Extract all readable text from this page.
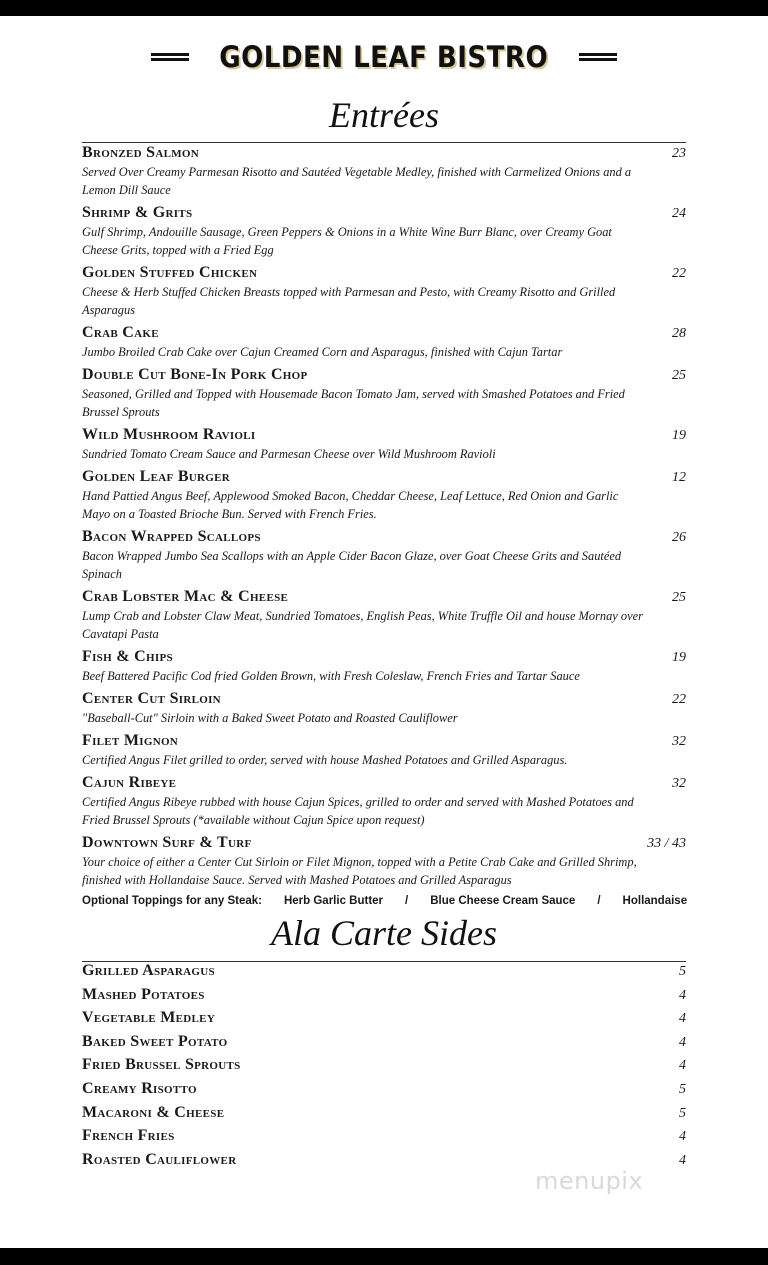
GOLDEN LEAF BISTRO
Entrées
Bronzed Salmon	23
Served Over Creamy Parmesan Risotto and Sautéed Vegetable Medley, finished with Carmelized Onions and a Lemon Dill Sauce
Shrimp & Grits	24
Gulf Shrimp, Andouille Sausage, Green Peppers & Onions in a White Wine Burr Blanc, over Creamy Goat Cheese Grits, topped with a Fried Egg
Golden Stuffed Chicken	22
Cheese & Herb Stuffed Chicken Breasts topped with Parmesan and Pesto, with Creamy Risotto and Grilled Asparagus
Crab Cake	28
Jumbo Broiled Crab Cake over Cajun Creamed Corn and Asparagus, finished with Cajun Tartar
Double Cut Bone-In Pork Chop	25
Seasoned, Grilled and Topped with Housemade Bacon Tomato Jam, served with Smashed Potatoes and Fried Brussel Sprouts
Wild Mushroom Ravioli	19
Sundried Tomato Cream Sauce and Parmesan Cheese over Wild Mushroom Ravioli
Golden Leaf Burger	12
Hand Pattied Angus Beef, Applewood Smoked Bacon, Cheddar Cheese, Leaf Lettuce, Red Onion and Garlic Mayo on a Toasted Brioche Bun. Served with French Fries.
Bacon Wrapped Scallops	26
Bacon Wrapped Jumbo Sea Scallops with an Apple Cider Bacon Glaze, over Goat Cheese Grits and Sautéed Spinach
Crab Lobster Mac & Cheese	25
Lump Crab and Lobster Claw Meat, Sundried Tomatoes, English Peas, White Truffle Oil and house Mornay over Cavatapi Pasta
Fish & Chips	19
Beef Battered Pacific Cod fried Golden Brown, with Fresh Coleslaw, French Fries and Tartar Sauce
Center Cut Sirloin	22
"Baseball-Cut" Sirloin with a Baked Sweet Potato and Roasted Cauliflower
Filet Mignon	32
Certified Angus Filet grilled to order, served with house Mashed Potatoes and Grilled Asparagus.
Cajun Ribeye	32
Certified Angus Ribeye rubbed with house Cajun Spices, grilled to order and served with Mashed Potatoes and Fried Brussel Sprouts (*available without Cajun Spice upon request)
Downtown Surf & Turf	33 / 43
Your choice of either a Center Cut Sirloin or Filet Mignon, topped with a Petite Crab Cake and Grilled Shrimp, finished with Hollandaise Sauce. Served with Mashed Potatoes and Grilled Asparagus
Optional Toppings for any Steak: Herb Garlic Butter / Blue Cheese Cream Sauce / Hollandaise
Ala Carte Sides
Grilled Asparagus	5
Mashed Potatoes	4
Vegetable Medley	4
Baked Sweet Potato	4
Fried Brussel Sprouts	4
Creamy Risotto	5
Macaroni & Cheese	5
French Fries	4
Roasted Cauliflower	4
menupix
